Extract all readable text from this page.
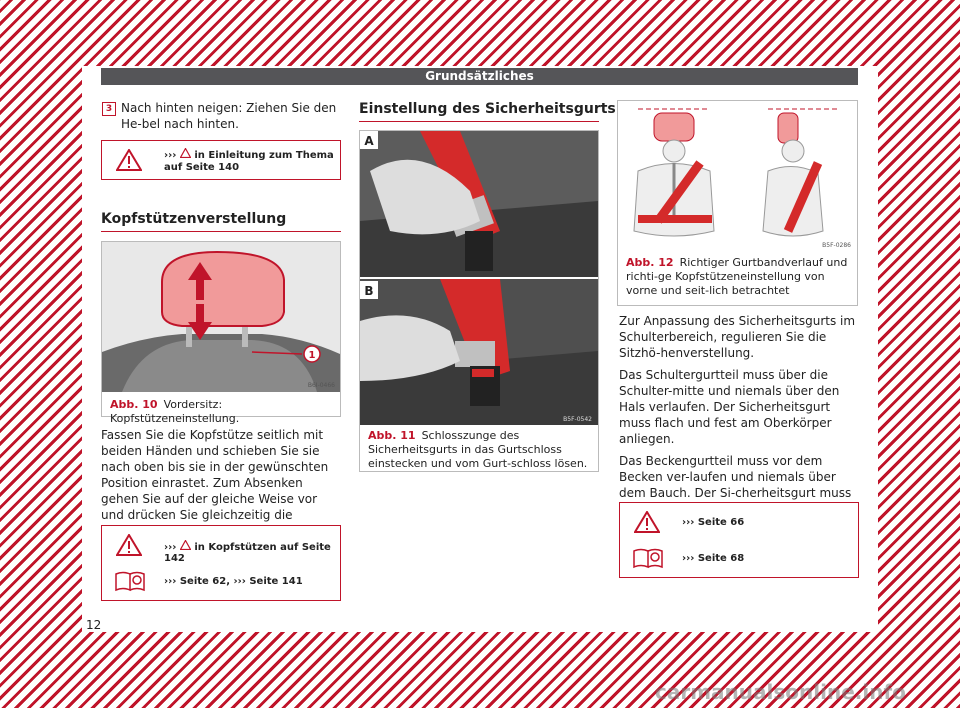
Grundsätzliches
3 Nach hinten neigen: Ziehen Sie den He-bel nach hinten.
››› in Einleitung zum Thema auf Seite 140
Kopfstützenverstellung
1
B6I-0466
Abb. 10 Vordersitz: Kopfstützeneinstellung.
Fassen Sie die Kopfstütze seitlich mit beiden Händen und schieben Sie sie nach oben bis sie in der gewünschten Position einrastet. Zum Absenken gehen Sie auf der gleiche Weise vor und drücken Sie gleichzeitig die
››› in Kopfstützen auf Seite 142
››› Seite 62, ››› Seite 141
Einstellung des Sicherheitsgurts
A
B
B5F-0542
Abb. 11 Schlosszunge des Sicherheitsgurts in das Gurtschloss einstecken und vom Gurt-schloss lösen.
B5F-0286
Abb. 12 Richtiger Gurtbandverlauf und richti-ge Kopfstützeneinstellung von vorne und seit-lich betrachtet

Zur Anpassung des Sicherheitsgurts im Schulterbereich, regulieren Sie die Sitzhö-henverstellung.

Das Schultergurtteil muss über die Schulter-mitte und niemals über den Hals verlaufen. Der Sicherheitsgurt muss flach und fest am Oberkörper anliegen.

Das Beckengurtteil muss vor dem Becken ver-laufen und niemals über dem Bauch. Der Si-cherheitsgurt muss

››› Seite 66
››› Seite 68
12
carmanualsonline.info
